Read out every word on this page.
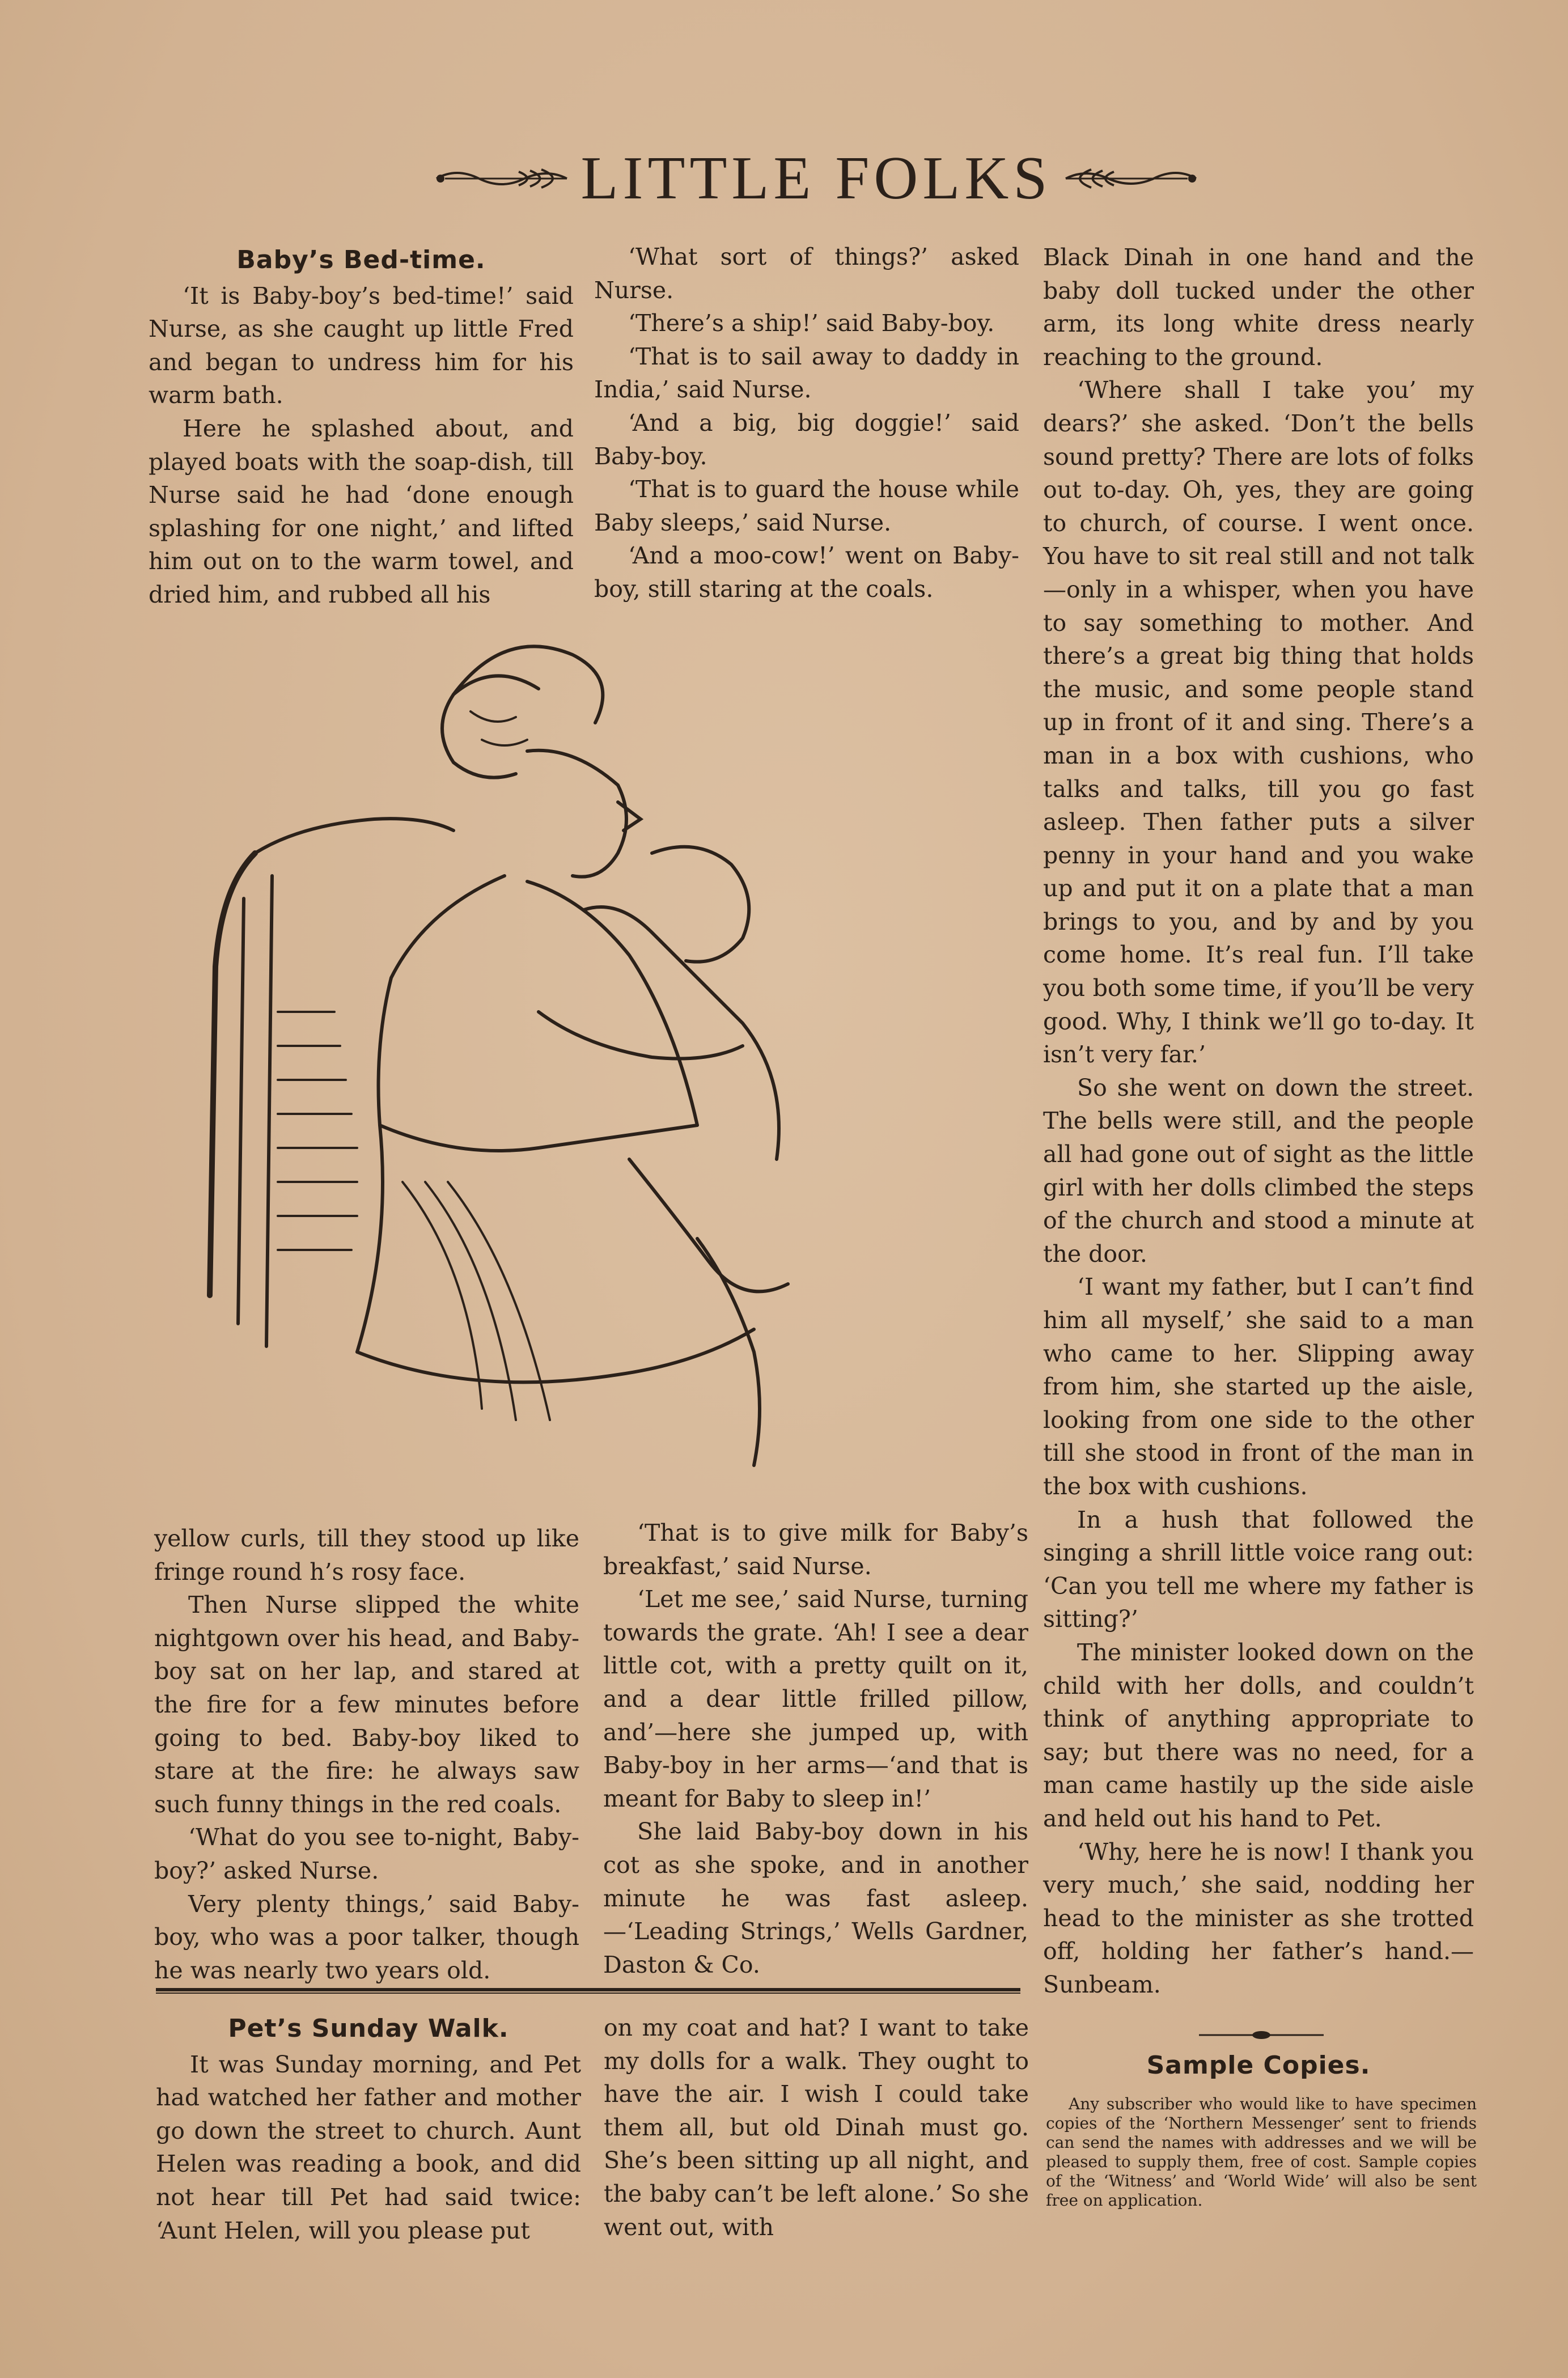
LITTLE FOLKS
Baby’s Bed-time.

‘It is Baby-boy’s bed-time!’ said Nurse, as she caught up little Fred and began to undress him for his warm bath.

Here he splashed about, and played boats with the soap-dish, till Nurse said he had ‘done enough splashing for one night,’ and lifted him out on to the warm towel, and dried him, and rubbed all his

‘What sort of things?’ asked Nurse.

‘There’s a ship!’ said Baby-boy.

‘That is to sail away to daddy in India,’ said Nurse.

‘And a big, big doggie!’ said Baby-boy.

‘That is to guard the house while Baby sleeps,’ said Nurse.

‘And a moo-cow!’ went on Baby-boy, still staring at the coals.

yellow curls, till they stood up like fringe round h’s rosy face.

Then Nurse slipped the white nightgown over his head, and Baby-boy sat on her lap, and stared at the fire for a few minutes before going to bed. Baby-boy liked to stare at the fire: he always saw such funny things in the red coals.

‘What do you see to-night, Baby-boy?’ asked Nurse.

Very plenty things,’ said Baby-boy, who was a poor talker, though he was nearly two years old.

‘That is to give milk for Baby’s breakfast,’ said Nurse.

‘Let me see,’ said Nurse, turning towards the grate. ‘Ah! I see a dear little cot, with a pretty quilt on it, and a dear little frilled pillow, and’—here she jumped up, with Baby-boy in her arms—‘and that is meant for Baby to sleep in!’

She laid Baby-boy down in his cot as she spoke, and in another minute he was fast asleep.—‘Leading Strings,’ Wells Gardner, Daston & Co.

Pet’s Sunday Walk.

It was Sunday morning, and Pet had watched her father and mother go down the street to church. Aunt Helen was reading a book, and did not hear till Pet had said twice: ‘Aunt Helen, will you please put

on my coat and hat? I want to take my dolls for a walk. They ought to have the air. I wish I could take them all, but old Dinah must go. She’s been sitting up all night, and the baby can’t be left alone.’ So she went out, with

Black Dinah in one hand and the baby doll tucked under the other arm, its long white dress nearly reaching to the ground.

‘Where shall I take you’ my dears?’ she asked. ‘Don’t the bells sound pretty? There are lots of folks out to-day. Oh, yes, they are going to church, of course. I went once. You have to sit real still and not talk—only in a whisper, when you have to say something to mother. And there’s a great big thing that holds the music, and some people stand up in front of it and sing. There’s a man in a box with cushions, who talks and talks, till you go fast asleep. Then father puts a silver penny in your hand and you wake up and put it on a plate that a man brings to you, and by and by you come home. It’s real fun. I’ll take you both some time, if you’ll be very good. Why, I think we’ll go to-day. It isn’t very far.’

So she went on down the street. The bells were still, and the people all had gone out of sight as the little girl with her dolls climbed the steps of the church and stood a minute at the door.

‘I want my father, but I can’t find him all myself,’ she said to a man who came to her. Slipping away from him, she started up the aisle, looking from one side to the other till she stood in front of the man in the box with cushions.

In a hush that followed the singing a shrill little voice rang out: ‘Can you tell me where my father is sitting?’

The minister looked down on the child with her dolls, and couldn’t think of anything appropriate to say; but there was no need, for a man came hastily up the side aisle and held out his hand to Pet.

‘Why, here he is now! I thank you very much,’ she said, nodding her head to the minister as she trotted off, holding her father’s hand.—Sunbeam.

Sample Copies.

Any subscriber who would like to have specimen copies of the ‘Northern Messenger’ sent to friends can send the names with addresses and we will be pleased to supply them, free of cost. Sample copies of the ‘Witness’ and ‘World Wide’ will also be sent free on application.
